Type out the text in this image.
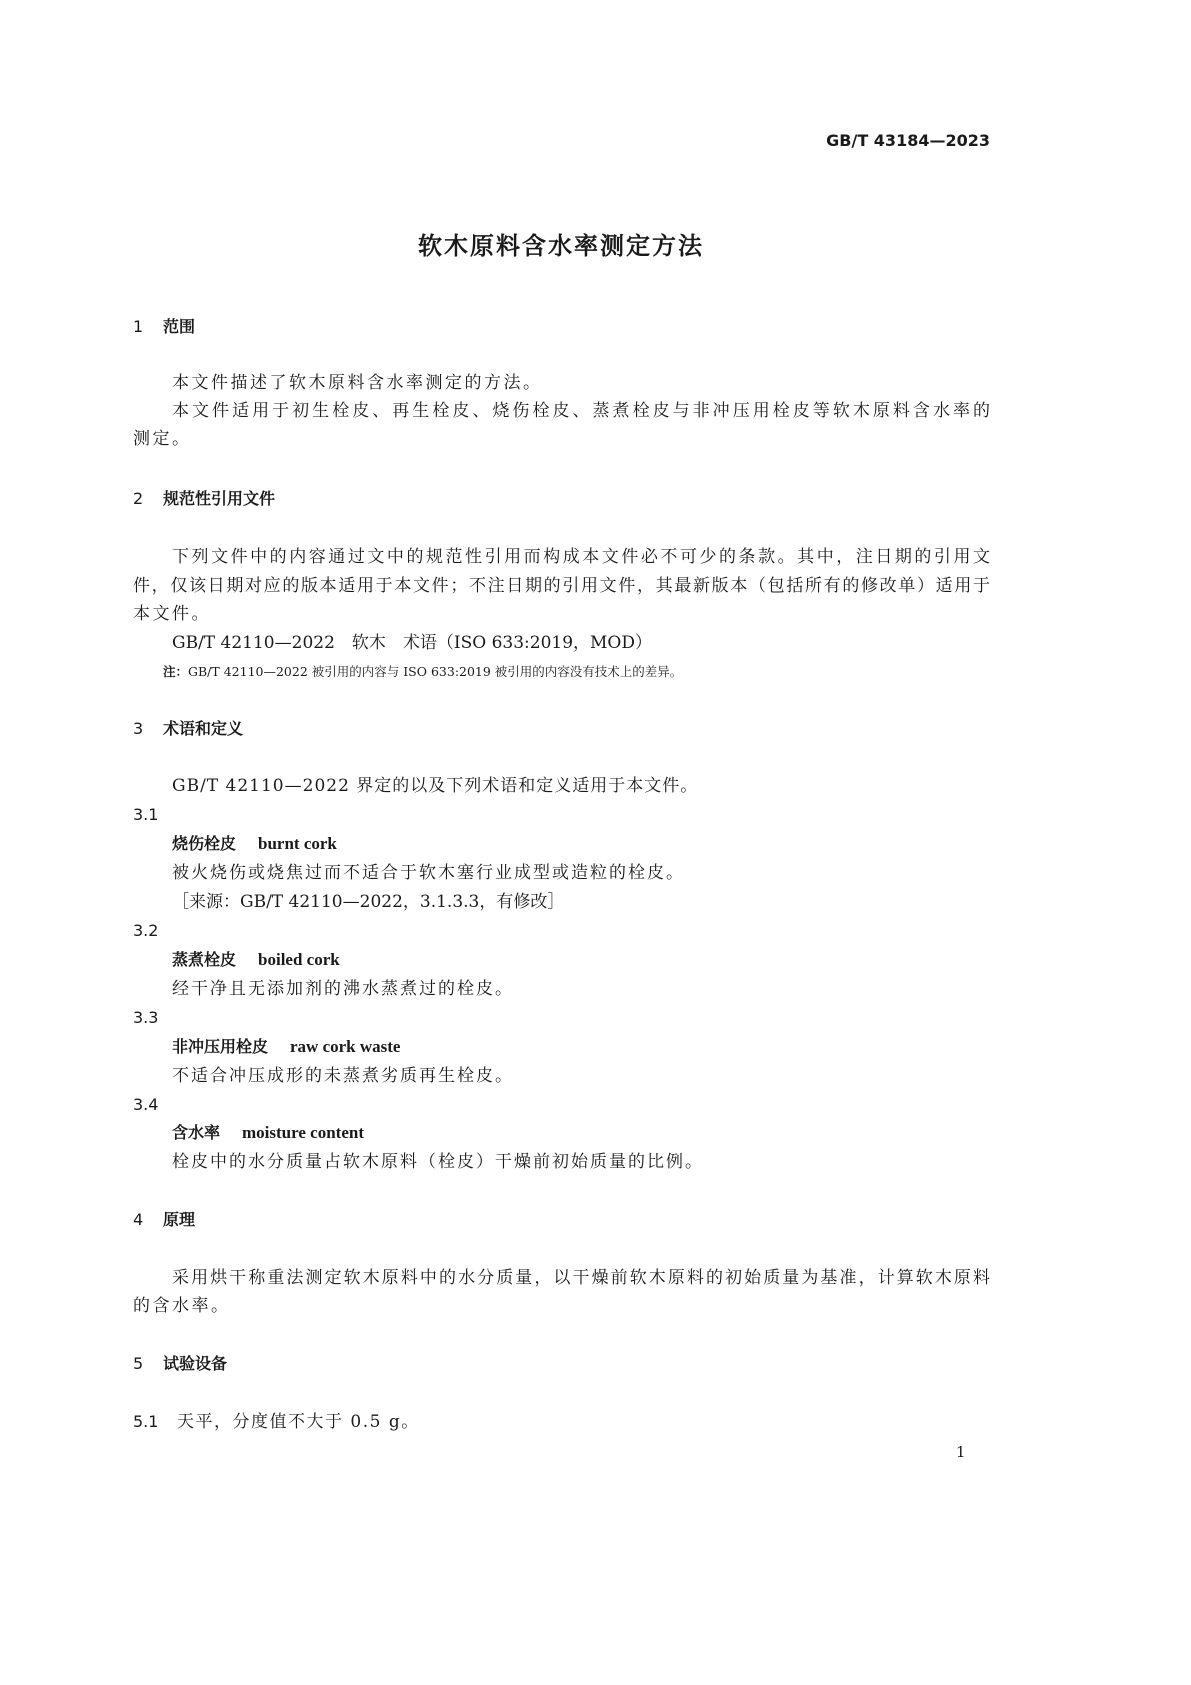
GB/T 43184—2023
软木原料含水率测定方法
1 范围
本文件描述了软木原料含水率测定的方法。
本文件适用于初生栓皮、再生栓皮、烧伤栓皮、蒸煮栓皮与非冲压用栓皮等软木原料含水率的
测定。
2 规范性引用文件
下列文件中的内容通过文中的规范性引用而构成本文件必不可少的条款。其中，注日期的引用文
件，仅该日期对应的版本适用于本文件；不注日期的引用文件，其最新版本（包括所有的修改单）适用于
本文件。
GB/T 42110—2022　软木　术语（ISO 633:2019，MOD）
注：GB/T 42110—2022 被引用的内容与 ISO 633:2019 被引用的内容没有技术上的差异。
3 术语和定义
GB/T 42110—2022 界定的以及下列术语和定义适用于本文件。
3.1
烧伤栓皮 burnt cork
被火烧伤或烧焦过而不适合于软木塞行业成型或造粒的栓皮。
［来源：GB/T 42110—2022，3.1.3.3，有修改］
3.2
蒸煮栓皮 boiled cork
经干净且无添加剂的沸水蒸煮过的栓皮。
3.3
非冲压用栓皮 raw cork waste
不适合冲压成形的未蒸煮劣质再生栓皮。
3.4
含水率 moisture content
栓皮中的水分质量占软木原料（栓皮）干燥前初始质量的比例。
4 原理
采用烘干称重法测定软木原料中的水分质量，以干燥前软木原料的初始质量为基准，计算软木原料
的含水率。
5 试验设备
5.1 天平，分度值不大于 0.5 g。
1
